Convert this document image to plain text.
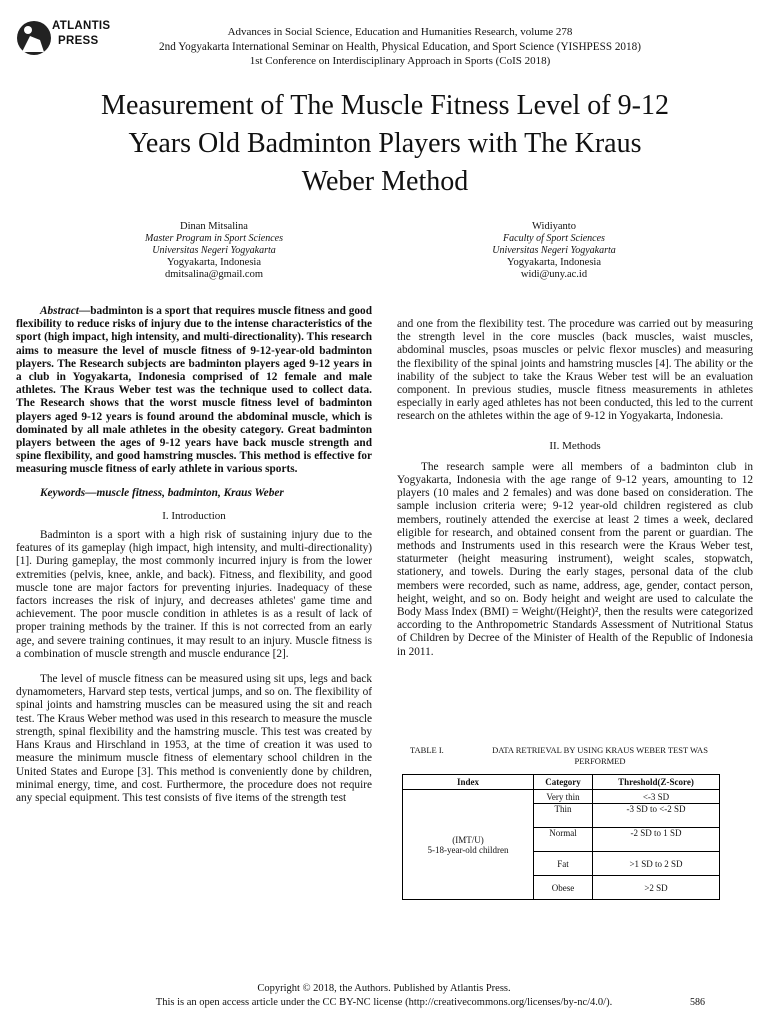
ATLANTIS
PRESS
Advances in Social Science, Education and Humanities Research, volume 278
2nd Yogyakarta International Seminar on Health, Physical Education, and Sport Science (YISHPESS 2018)
1st Conference on Interdisciplinary Approach in Sports (CoIS 2018)
Measurement of The Muscle Fitness Level of 9-12
Years Old Badminton Players with The Kraus
Weber Method
Dinan Mitsalina
Master Program in Sport Sciences
Universitas Negeri Yogyakarta
Yogyakarta, Indonesia
dmitsalina@gmail.com
Widiyanto
Faculty of Sport Sciences
Universitas Negeri Yogyakarta
Yogyakarta, Indonesia
widi@uny.ac.id

Abstract—badminton is a sport that requires muscle fitness and good flexibility to reduce risks of injury due to the intense characteristics of the sport (high impact, high intensity, and multi-directionality). This research aims to measure the level of muscle fitness of 9-12-year-old badminton players. The Research subjects are badminton players aged 9-12 years in a club in Yogyakarta, Indonesia comprised of 12 female and male athletes. The Kraus Weber test was the technique used to collect data. The Research shows that the worst muscle fitness level of badminton players aged 9-12 years is found around the abdominal muscle, which is dominated by all male athletes in the obesity category. Great badminton players between the ages of 9-12 years have back muscle strength and spine flexibility, and good hamstring muscles. This method is effective for measuring muscle fitness of early athlete in various sports.

Keywords—muscle fitness, badminton, Kraus Weber

I. Introduction

Badminton is a sport with a high risk of sustaining injury due to the features of its gameplay (high impact, high intensity, and multi-directionality) [1]. During gameplay, the most commonly incurred injury is from the lower extremities (pelvis, knee, ankle, and back). Fitness, and flexibility, and good muscle tone are major factors for preventing injuries. Inadequacy of these factors increases the risk of injury, and decreases athletes' game time and achievement. The poor muscle condition in athletes is as a result of lack of proper training methods by the trainer. If this is not corrected from an early age, and severe training continues, it may result to an injury. Muscle fitness is a combination of muscle strength and muscle endurance [2].

The level of muscle fitness can be measured using sit ups, legs and back dynamometers, Harvard step tests, vertical jumps, and so on. The flexibility of spinal joints and hamstring muscles can be measured using the sit and reach test. The Kraus Weber method was used in this research to measure the muscle strength, spinal flexibility and the hamstring muscle. This test was created by Hans Kraus and Hirschland in 1953, at the time of creation it was used to measure the minimum muscle fitness of elementary school children in the United States and Europe [3]. This method is conveniently done by children, minimal energy, time, and cost. Furthermore, the procedure does not require any special equipment. This test consists of five items of the strength test

and one from the flexibility test. The procedure was carried out by measuring the strength level in the core muscles (back muscles, waist muscles, abdominal muscles, psoas muscles or pelvic flexor muscles) and measuring the flexibility of the spinal joints and hamstring muscles [4]. The ability or the inability of the subject to take the Kraus Weber test will be an evaluation component. In previous studies, muscle fitness measurements in athletes especially in early aged athletes has not been conducted, this led to the current research on the athletes within the age of 9-12 in Yogyakarta, Indonesia.

II. Methods

The research sample were all members of a badminton club in Yogyakarta, Indonesia with the age range of 9-12 years, amounting to 12 players (10 males and 2 females) and was done based on consideration. The sample inclusion criteria were; 9-12 year-old children registered as club members, routinely attended the exercise at least 2 times a week, declared eligible for research, and obtained consent from the parent or guardian. The methods and Instruments used in this research were the Kraus Weber test, staturmeter (height measuring instrument), weight scales, stopwatch, stationery, and towels. During the early stages, personal data of the club members were recorded, such as name, address, age, gender, contact person, height, weight, and so on. Body height and weight are used to calculate the Body Mass Index (BMI) = Weight/(Height)², then the results were categorized according to the Anthropometric Standards Assessment of Nutritional Status of Children by Decree of the Minister of Health of the Republic of Indonesia in 2011.

TABLE I.	DATA RETRIEVAL BY USING KRAUS WEBER TEST WAS
PERFORMED
Index	Category	Threshold(Z-Score)

(IMT/U)
5-18-year-old children	Very thin	<-3 SD
	Thin	-3 SD to <-2 SD
	Normal	-2 SD to 1 SD
	Fat	>1 SD to 2 SD
	Obese	>2 SD
Copyright © 2018, the Authors. Published by Atlantis Press.
This is an open access article under the CC BY-NC license (http://creativecommons.org/licenses/by-nc/4.0/).	586
